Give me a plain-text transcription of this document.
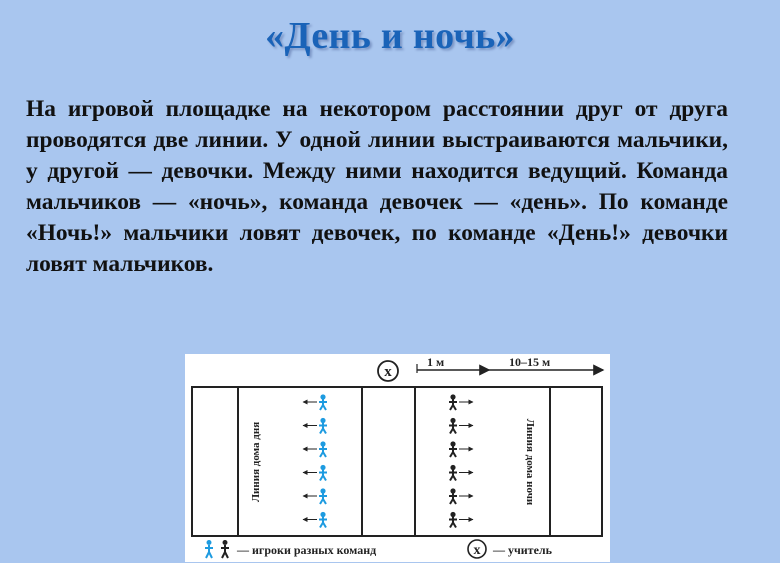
«День и ночь»
На игровой площадке на некотором расстоянии друг от друга проводятся две линии. У одной линии выстраиваются мальчики, у другой — девочки. Между ними находится ведущий. Команда мальчиков — «ночь», команда девочек — «день». По команде «Ночь!» мальчики ловят девочек, по команде «День!» девочки ловят мальчиков.
х
1 м	10–15 м
Линия дома дня	Линия дома ночи
— игроки разных команд	х — учитель
